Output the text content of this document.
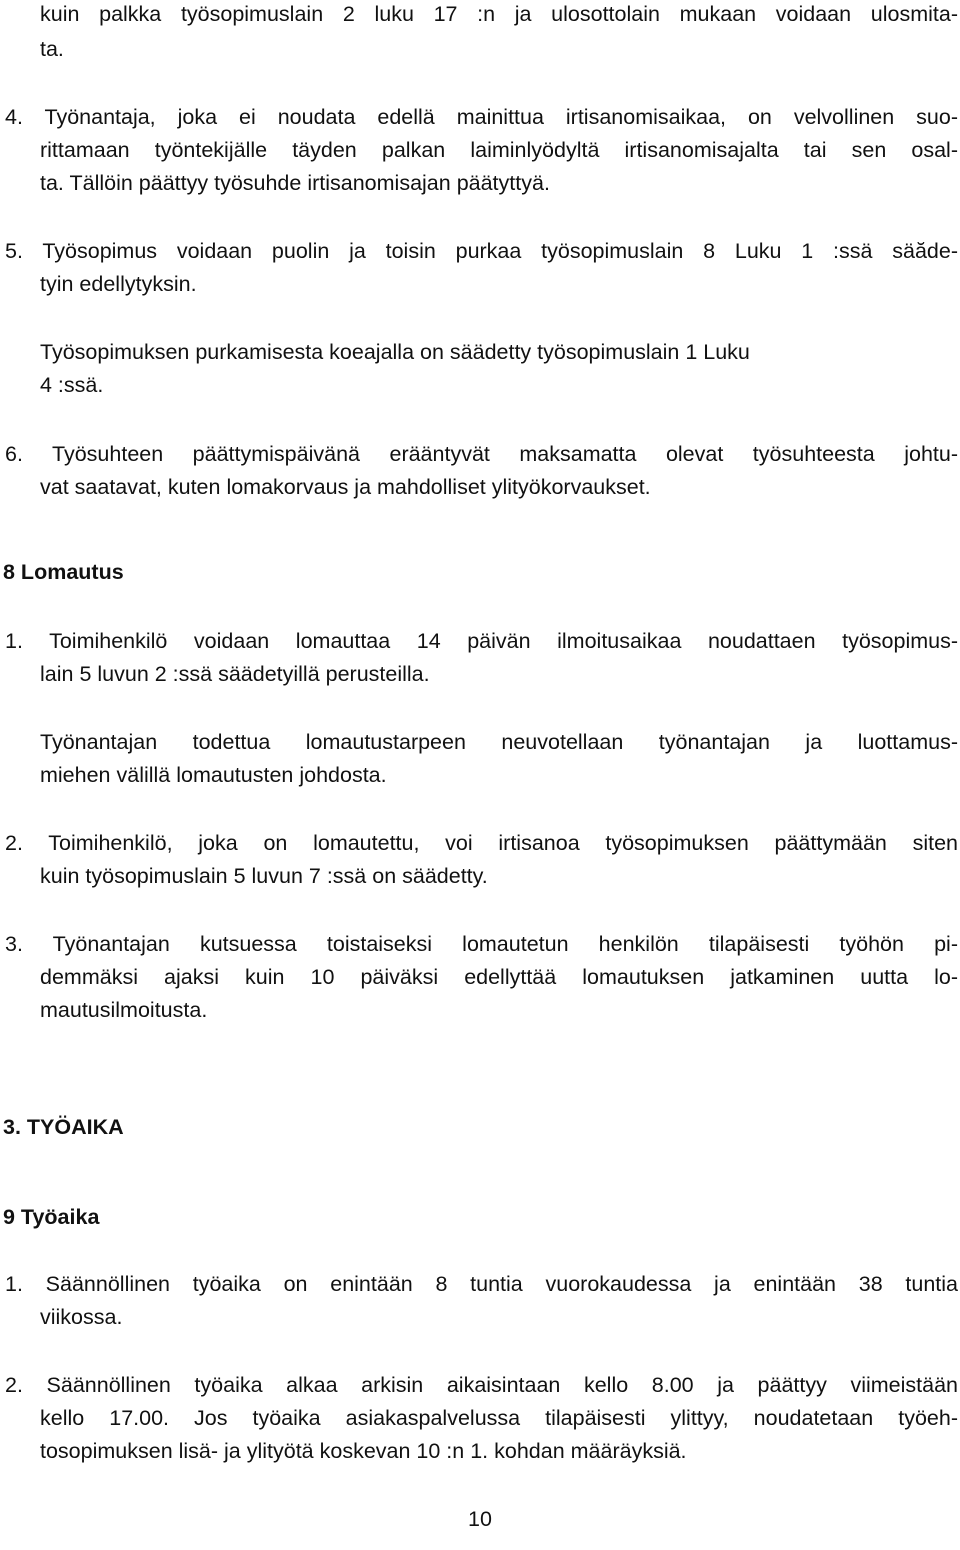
kuin palkka työsopimuslain 2 luku 17 :n ja ulosottolain mukaan voidaan ulosmita-
ta.
4. Työnantaja, joka ei noudata edellä mainittua irtisanomisaikaa, on velvollinen suo-
rittamaan työntekijälle täyden palkan laiminlyödyltä irtisanomisajalta tai sen osal-
ta. Tällöin päättyy työsuhde irtisanomisajan päätyttyä.
5. Työsopimus voidaan puolin ja toisin purkaa työsopimuslain 8 Luku 1 :ssä säăde-
tyin edellytyksin.
Työsopimuksen purkamisesta koeajalla on säädetty työsopimuslain 1 Luku
4 :ssä.
6. Työsuhteen päättymispäivänä erääntyvät maksamatta olevat työsuhteesta johtu-
vat saatavat, kuten lomakorvaus ja mahdolliset ylityökorvaukset.
8 Lomautus
1. Toimihenkilö voidaan lomauttaa 14 päivän ilmoitusaikaa noudattaen työsopimus-
lain 5 luvun 2 :ssä säädetyillä perusteilla.
Työnantajan todettua lomautustarpeen neuvotellaan työnantajan ja luottamus-
miehen välillä lomautusten johdosta.
2. Toimihenkilö, joka on lomautettu, voi irtisanoa työsopimuksen päättymään siten
kuin työsopimuslain 5 luvun 7 :ssä on säädetty.
3. Työnantajan kutsuessa toistaiseksi lomautetun henkilön tilapäisesti työhön pi-
demmäksi ajaksi kuin 10 päiväksi edellyttää lomautuksen jatkaminen uutta lo-
mautusilmoitusta.
3. TYÖAIKA
9 Työaika
1. Säännöllinen työaika on enintään 8 tuntia vuorokaudessa ja enintään 38 tuntia
viikossa.
2. Säännöllinen työaika alkaa arkisin aikaisintaan kello 8.00 ja päättyy viimeistään
kello 17.00. Jos työaika asiakaspalvelussa tilapäisesti ylittyy, noudatetaan työeh-
tosopimuksen lisä- ja ylityötä koskevan 10 :n 1. kohdan määräyksiä.
10
